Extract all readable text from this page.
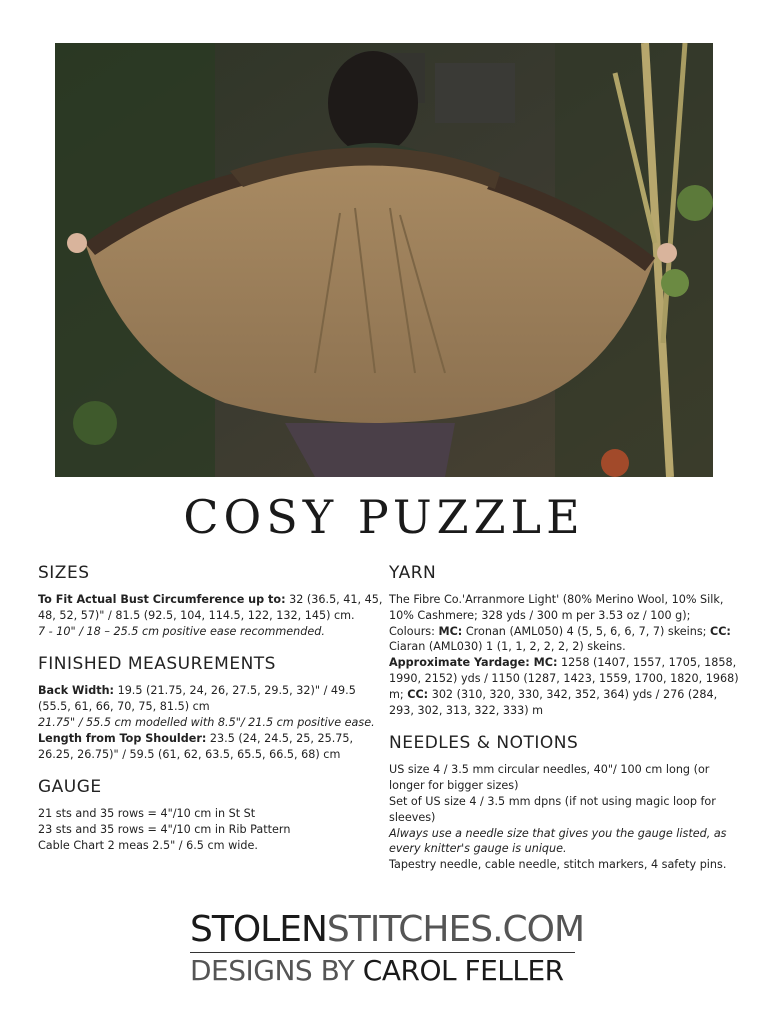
COSY PUZZLE
SIZES

To Fit Actual Bust Circumference up to: 32 (36.5, 41, 45, 48, 52, 57)" / 81.5 (92.5, 104, 114.5, 122, 132, 145) cm.

7 - 10" / 18 – 25.5 cm positive ease recommended.

FINISHED MEASUREMENTS

Back Width: 19.5 (21.75, 24, 26, 27.5, 29.5, 32)" / 49.5 (55.5, 61, 66, 70, 75, 81.5) cm

21.75" / 55.5 cm modelled with 8.5"/ 21.5 cm positive ease.

Length from Top Shoulder: 23.5 (24, 24.5, 25, 25.75, 26.25, 26.75)" / 59.5 (61, 62, 63.5, 65.5, 66.5, 68) cm

GAUGE

21 sts and 35 rows = 4"/10 cm in St St

23 sts and 35 rows = 4"/10 cm in Rib Pattern

Cable Chart 2 meas 2.5" / 6.5 cm wide.

YARN

The Fibre Co.'Arranmore Light' (80% Merino Wool, 10% Silk, 10% Cashmere; 328 yds / 300 m per 3.53 oz / 100 g); Colours: MC: Cronan (AML050) 4 (5, 5, 6, 6, 7, 7) skeins; CC: Ciaran (AML030) 1 (1, 1, 2, 2, 2, 2) skeins.

Approximate Yardage: MC: 1258 (1407, 1557, 1705, 1858, 1990, 2152) yds / 1150 (1287, 1423, 1559, 1700, 1820, 1968) m; CC: 302 (310, 320, 330, 342, 352, 364) yds / 276 (284, 293, 302, 313, 322, 333) m

NEEDLES & NOTIONS

US size 4 / 3.5 mm circular needles, 40"/ 100 cm long (or longer for bigger sizes)

Set of US size 4 / 3.5 mm dpns (if not using magic loop for sleeves)

Always use a needle size that gives you the gauge listed, as every knitter's gauge is unique.

Tapestry needle, cable needle, stitch markers, 4 safety pins.

STOLENSTITCHES.COM
DESIGNS BY CAROL FELLER
